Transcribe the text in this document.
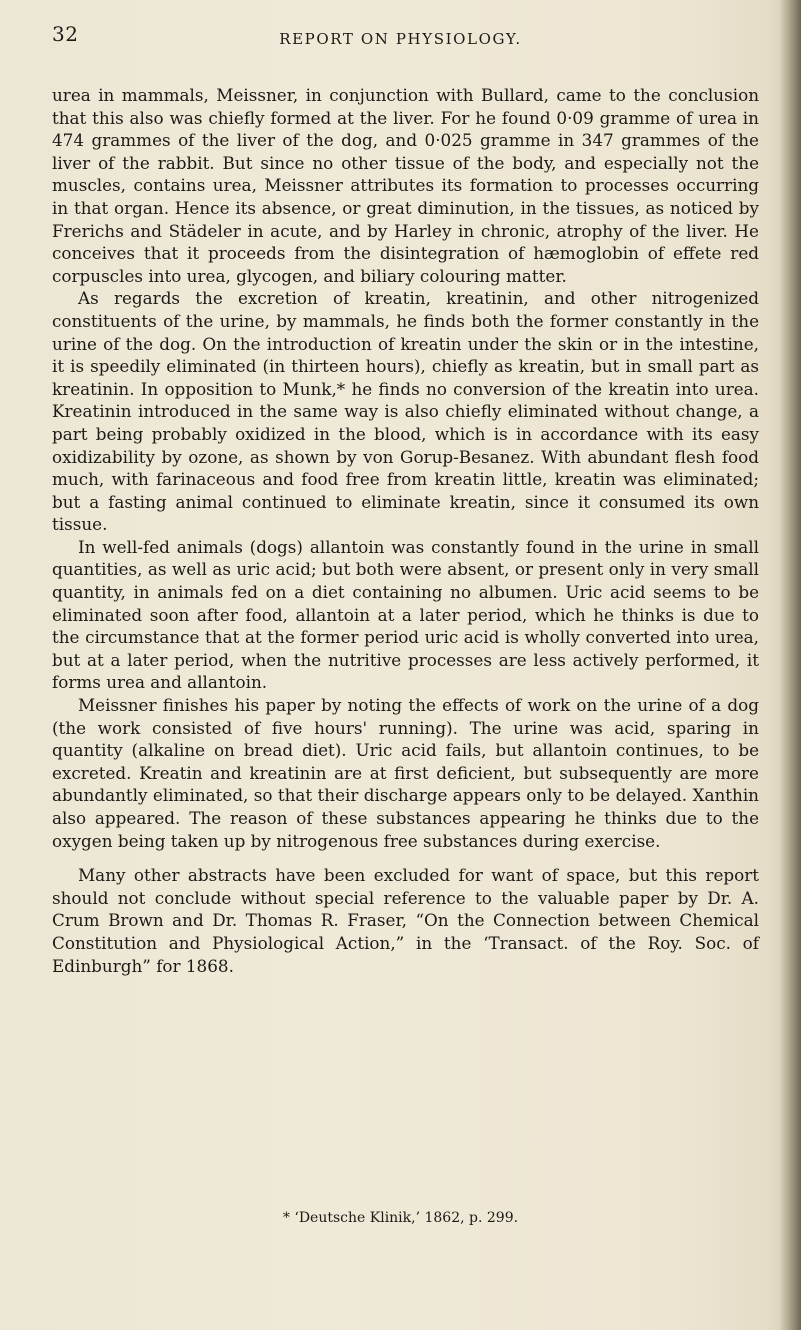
32	REPORT ON PHYSIOLOGY.

urea in mammals, Meissner, in conjunction with Bullard, came to the conclusion that this also was chiefly formed at the liver. For he found 0·09 gramme of urea in 474 grammes of the liver of the dog, and 0·025 gramme in 347 grammes of the liver of the rabbit. But since no other tissue of the body, and especially not the muscles, contains urea, Meissner attributes its formation to processes occurring in that organ. Hence its absence, or great diminution, in the tissues, as noticed by Frerichs and Städeler in acute, and by Harley in chronic, atrophy of the liver. He conceives that it proceeds from the disintegration of hæmoglobin of effete red corpuscles into urea, glycogen, and biliary colouring matter.

As regards the excretion of kreatin, kreatinin, and other nitrogenized constituents of the urine, by mammals, he finds both the former constantly in the urine of the dog. On the introduction of kreatin under the skin or in the intestine, it is speedily eliminated (in thirteen hours), chiefly as kreatin, but in small part as kreatinin. In opposition to Munk,* he finds no conversion of the kreatin into urea. Kreatinin introduced in the same way is also chiefly eliminated without change, a part being probably oxidized in the blood, which is in accordance with its easy oxidizability by ozone, as shown by von Gorup-Besanez. With abundant flesh food much, with farinaceous and food free from kreatin little, kreatin was eliminated; but a fasting animal continued to eliminate kreatin, since it consumed its own tissue.

In well-fed animals (dogs) allantoin was constantly found in the urine in small quantities, as well as uric acid; but both were absent, or present only in very small quantity, in animals fed on a diet containing no albumen. Uric acid seems to be eliminated soon after food, allantoin at a later period, which he thinks is due to the circumstance that at the former period uric acid is wholly converted into urea, but at a later period, when the nutritive processes are less actively performed, it forms urea and allantoin.

Meissner finishes his paper by noting the effects of work on the urine of a dog (the work consisted of five hours' running). The urine was acid, sparing in quantity (alkaline on bread diet). Uric acid fails, but allantoin continues, to be excreted. Kreatin and kreatinin are at first deficient, but subsequently are more abundantly eliminated, so that their discharge appears only to be delayed. Xanthin also appeared. The reason of these substances appearing he thinks due to the oxygen being taken up by nitrogenous free substances during exercise.

Many other abstracts have been excluded for want of space, but this report should not conclude without special reference to the valuable paper by Dr. A. Crum Brown and Dr. Thomas R. Fraser, “On the Connection between Chemical Constitution and Physiological Action,” in the ‘Transact. of the Roy. Soc. of Edinburgh” for 1868.

* ‘Deutsche Klinik,’ 1862, p. 299.
